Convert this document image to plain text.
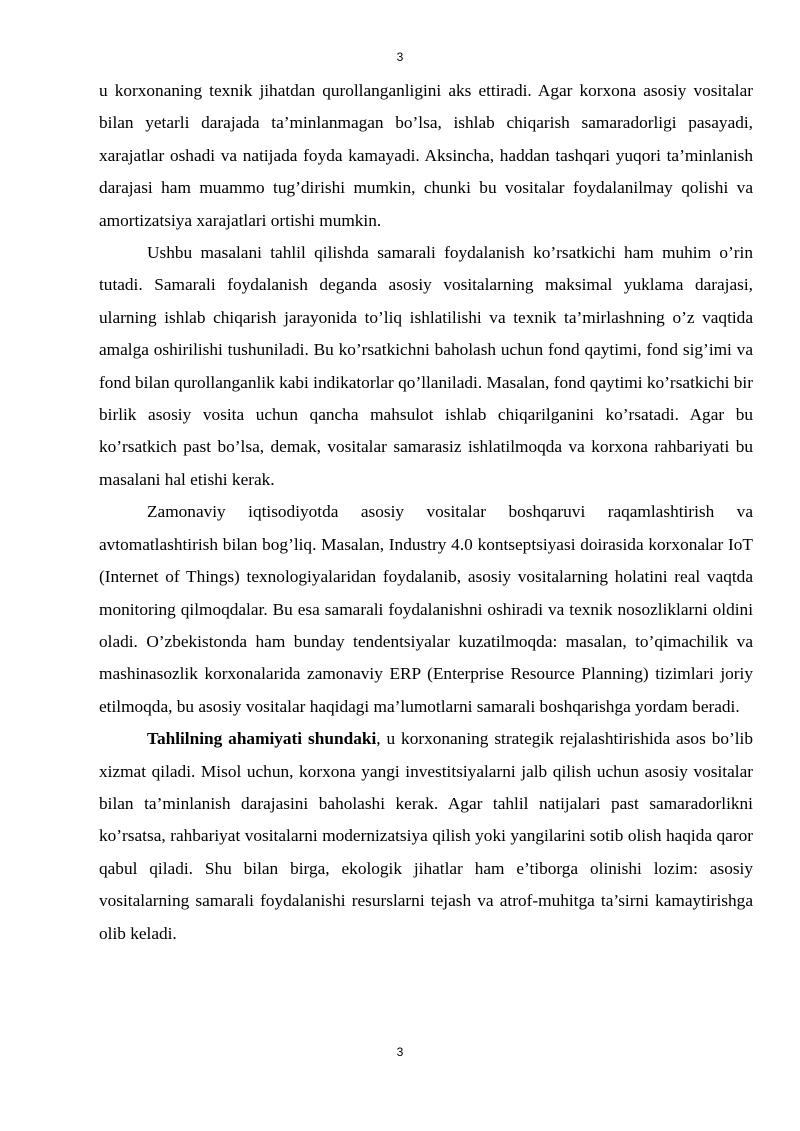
3

u korxonaning texnik jihatdan qurollanganligini aks ettiradi. Agar korxona asosiy vositalar bilan yetarli darajada ta’minlanmagan bo’lsa, ishlab chiqarish samaradorligi pasayadi, xarajatlar oshadi va natijada foyda kamayadi. Aksincha, haddan tashqari yuqori ta’minlanish darajasi ham muammo tug’dirishi mumkin, chunki bu vositalar foydalanilmay qolishi va amortizatsiya xarajatlari ortishi mumkin.

Ushbu masalani tahlil qilishda samarali foydalanish ko’rsatkichi ham muhim o’rin tutadi. Samarali foydalanish deganda asosiy vositalarning maksimal yuklama darajasi, ularning ishlab chiqarish jarayonida to’liq ishlatilishi va texnik ta’mirlashning o’z vaqtida amalga oshirilishi tushuniladi. Bu ko’rsatkichni baholash uchun fond qaytimi, fond sig’imi va fond bilan qurollanganlik kabi indikatorlar qo’llaniladi. Masalan, fond qaytimi ko’rsatkichi bir birlik asosiy vosita uchun qancha mahsulot ishlab chiqarilganini ko’rsatadi. Agar bu ko’rsatkich past bo’lsa, demak, vositalar samarasiz ishlatilmoqda va korxona rahbariyati bu masalani hal etishi kerak.

Zamonaviy iqtisodiyotda asosiy vositalar boshqaruvi raqamlashtirish va avtomatlashtirish bilan bog’liq. Masalan, Industry 4.0 kontseptsiyasi doirasida korxonalar IoT (Internet of Things) texnologiyalaridan foydalanib, asosiy vositalarning holatini real vaqtda monitoring qilmoqdalar. Bu esa samarali foydalanishni oshiradi va texnik nosozliklarni oldini oladi. O’zbekistonda ham bunday tendentsiyalar kuzatilmoqda: masalan, to’qimachilik va mashinasozlik korxonalarida zamonaviy ERP (Enterprise Resource Planning) tizimlari joriy etilmoqda, bu asosiy vositalar haqidagi ma’lumotlarni samarali boshqarishga yordam beradi.

Tahlilning ahamiyati shundaki, u korxonaning strategik rejalashtirishida asos bo’lib xizmat qiladi. Misol uchun, korxona yangi investitsiyalarni jalb qilish uchun asosiy vositalar bilan ta’minlanish darajasini baholashi kerak. Agar tahlil natijalari past samaradorlikni ko’rsatsa, rahbariyat vositalarni modernizatsiya qilish yoki yangilarini sotib olish haqida qaror qabul qiladi. Shu bilan birga, ekologik jihatlar ham e’tiborga olinishi lozim: asosiy vositalarning samarali foydalanishi resurslarni tejash va atrof-muhitga ta’sirni kamaytirishga olib keladi.

3
